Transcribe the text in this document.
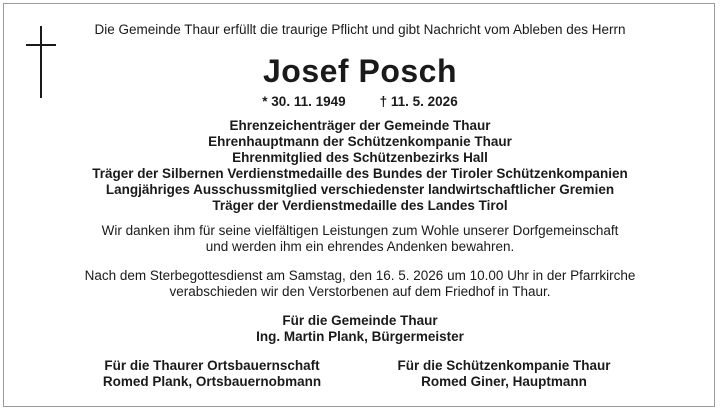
Die Gemeinde Thaur erfüllt die traurige Pflicht und gibt Nachricht vom Ableben des Herrn
Josef Posch
* 30. 11. 1949	† 11. 5. 2026
Ehrenzeichenträger der Gemeinde Thaur
Ehrenhauptmann der Schützenkompanie Thaur
Ehrenmitglied des Schützenbezirks Hall
Träger der Silbernen Verdienstmedaille des Bundes der Tiroler Schützenkompanien
Langjähriges Ausschussmitglied verschiedenster landwirtschaftlicher Gremien
Träger der Verdienstmedaille des Landes Tirol
Wir danken ihm für seine vielfältigen Leistungen zum Wohle unserer Dorfgemeinschaft
und werden ihm ein ehrendes Andenken bewahren.
Nach dem Sterbegottesdienst am Samstag, den 16. 5. 2026 um 10.00 Uhr in der Pfarrkirche
verabschieden wir den Verstorbenen auf dem Friedhof in Thaur.
Für die Gemeinde Thaur
Ing. Martin Plank, Bürgermeister
Für die Thaurer Ortsbauernschaft
Romed Plank, Ortsbauernobmann
Für die Schützenkompanie Thaur
Romed Giner, Hauptmann
